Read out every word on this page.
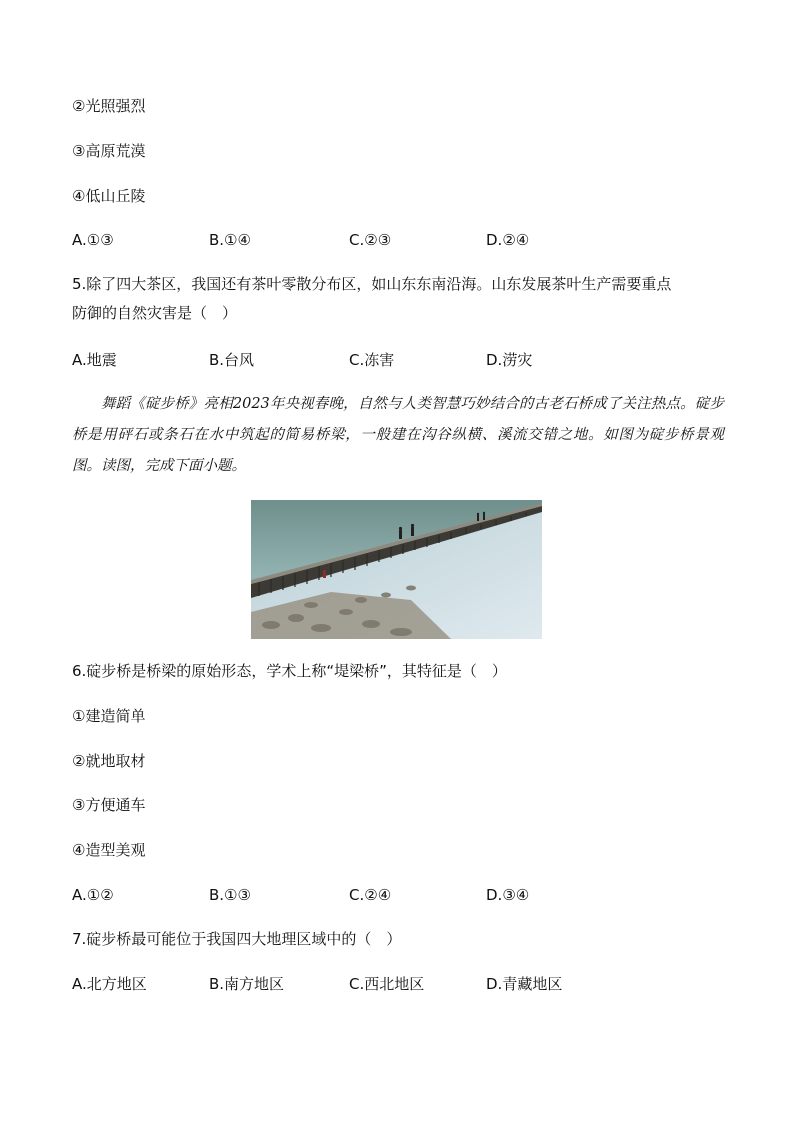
②光照强烈
③高原荒漠
④低山丘陵
A.①③	B.①④	C.②③	D.②④
5.除了四大茶区，我国还有茶叶零散分布区，如山东东南沿海。山东发展茶叶生产需要重点
防御的自然灾害是（　）
A.地震	B.台风	C.冻害	D.涝灾

舞蹈《碇步桥》亮相2023年央视春晚，自然与人类智慧巧妙结合的古老石桥成了关注热点。碇步桥是用砰石或条石在水中筑起的简易桥梁，一般建在沟谷纵横、溪流交错之地。如图为碇步桥景观图。读图，完成下面小题。

6.碇步桥是桥梁的原始形态，学术上称“堤梁桥”，其特征是（　）
①建造简单
②就地取材
③方便通车
④造型美观
A.①②	B.①③	C.②④	D.③④
7.碇步桥最可能位于我国四大地理区域中的（　）
A.北方地区	B.南方地区	C.西北地区	D.青藏地区
